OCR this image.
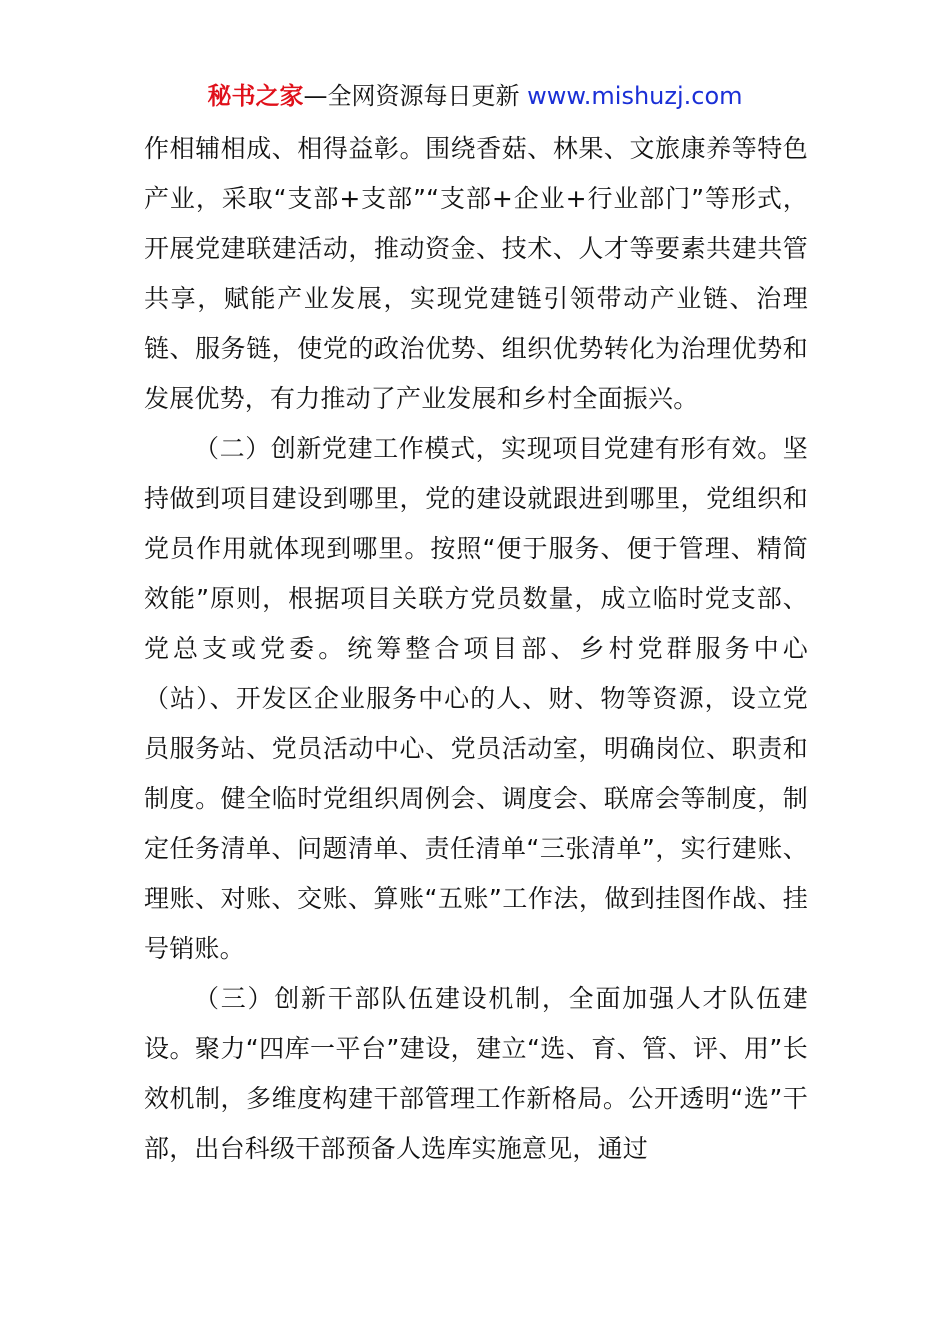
秘书之家—全网资源每日更新 www.mishuzj.com

作相辅相成、相得益彰。围绕香菇、林果、文旅康养等特色产业，采取“支部+支部”“支部+企业+行业部门”等形式，开展党建联建活动，推动资金、技术、人才等要素共建共管共享，赋能产业发展，实现党建链引领带动产业链、治理链、服务链，使党的政治优势、组织优势转化为治理优势和发展优势，有力推动了产业发展和乡村全面振兴。

（二）创新党建工作模式，实现项目党建有形有效。坚持做到项目建设到哪里，党的建设就跟进到哪里，党组织和党员作用就体现到哪里。按照“便于服务、便于管理、精简效能”原则，根据项目关联方党员数量，成立临时党支部、党总支或党委。统筹整合项目部、乡村党群服务中心（站）、开发区企业服务中心的人、财、物等资源，设立党员服务站、党员活动中心、党员活动室，明确岗位、职责和制度。健全临时党组织周例会、调度会、联席会等制度，制定任务清单、问题清单、责任清单“三张清单”，实行建账、理账、对账、交账、算账“五账”工作法，做到挂图作战、挂号销账。

（三）创新干部队伍建设机制，全面加强人才队伍建设。聚力“四库一平台”建设，建立“选、育、管、评、用”长效机制，多维度构建干部管理工作新格局。公开透明“选”干部，出台科级干部预备人选库实施意见，通过
